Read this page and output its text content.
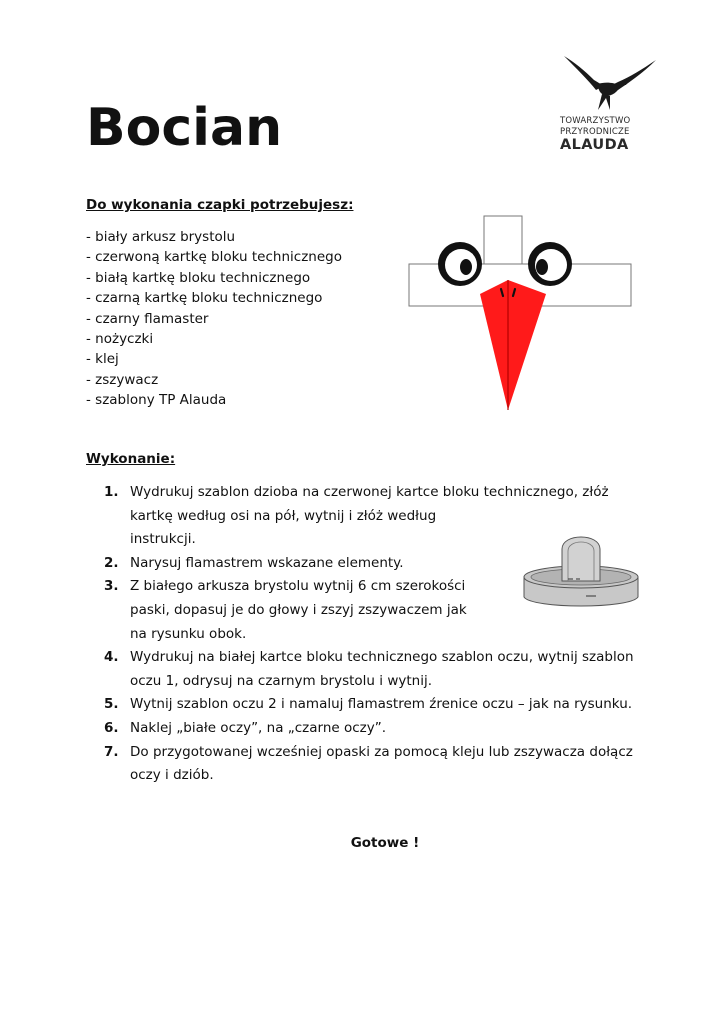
Bocian	TOWARZYSTWO
PRZYRODNICZE
ALAUDA
Do wykonania czapki potrzebujesz:
- biały arkusz brystolu
- czerwoną kartkę bloku technicznego
- białą kartkę bloku technicznego
- czarną kartkę bloku technicznego
- czarny flamaster
- nożyczki
- klej
- zszywacz
- szablony TP Alauda
Wykonanie:
1. Wydrukuj szablon dzioba na czerwonej kartce bloku technicznego, złóż
kartkę według osi na pół, wytnij i złóż według
instrukcji.
2. Narysuj flamastrem wskazane elementy.
3. Z białego arkusza brystolu wytnij 6 cm szerokości
paski, dopasuj je do głowy i zszyj zszywaczem jak
na rysunku obok.
4. Wydrukuj na białej kartce bloku technicznego szablon oczu, wytnij szablon
oczu 1, odrysuj na czarnym brystolu i wytnij.
5. Wytnij szablon oczu 2 i namaluj flamastrem źrenice oczu – jak na rysunku.
6. Naklej „białe oczy”, na „czarne oczy”.
7. Do przygotowanej wcześniej opaski za pomocą kleju lub zszywacza dołącz
oczy i dziób.
Gotowe !
